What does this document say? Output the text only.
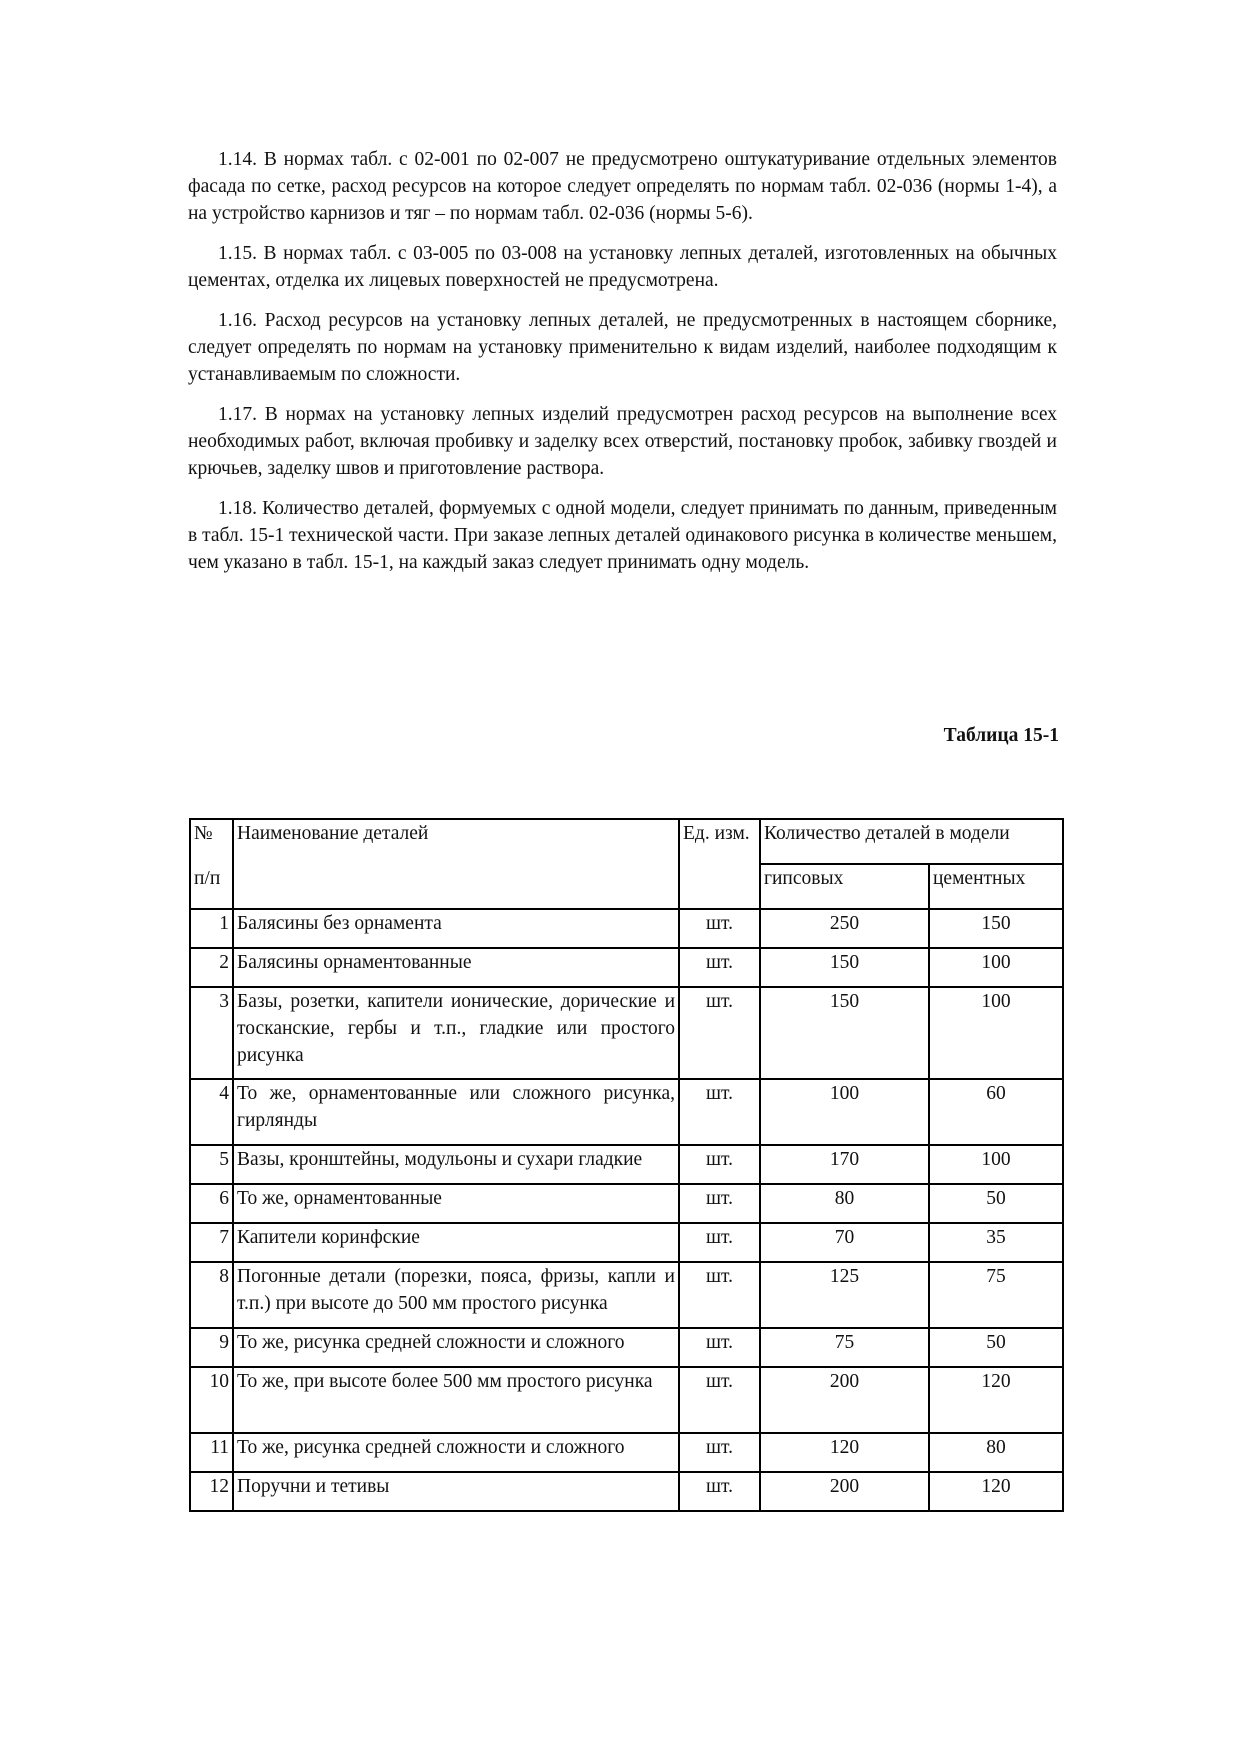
1.14. В нормах табл. с 02-001 по 02-007 не предусмотрено оштукатуривание отдельных элементов фасада по сетке, расход ресурсов на которое следует определять по нормам табл. 02-036 (нормы 1-4), а на устройство карнизов и тяг – по нормам табл. 02-036 (нормы 5-6).

1.15. В нормах табл. с 03-005 по 03-008 на установку лепных деталей, изготовленных на обычных цементах, отделка их лицевых поверхностей не предусмотрена.

1.16. Расход ресурсов на установку лепных деталей, не предусмотренных в настоящем сборнике, следует определять по нормам на установку применительно к видам изделий, наиболее подходящим к устанавливаемым по сложности.

1.17. В нормах на установку лепных изделий предусмотрен расход ресурсов на выполнение всех необходимых работ, включая пробивку и заделку всех отверстий, постановку пробок, забивку гвоздей и крючьев, заделку швов и приготовление раствора.

1.18. Количество деталей, формуемых с одной модели, следует принимать по данным, приведенным в табл. 15-1 технической части. При заказе лепных деталей одинакового рисунка в количестве меньшем, чем указано в табл. 15-1, на каждый заказ следует принимать одну модель.

Таблица 15-1

№
п/п	Наименование деталей	Ед. изм.	Количество деталей в модели	
			гипсовых	цементных
1	Балясины без орнамента	шт.	250	150
2	Балясины орнаментованные	шт.	150	100
3	Базы, розетки, капители ионические, дорические и тосканские, гербы и т.п., гладкие или простого рисунка	шт.	150	100
4	То же, орнаментованные или сложного рисунка, гирлянды	шт.	100	60
5	Вазы, кронштейны, модульоны и сухари гладкие	шт.	170	100
6	То же, орнаментованные	шт.	80	50
7	Капители коринфские	шт.	70	35
8	Погонные детали (порезки, пояса, фризы, капли и т.п.) при высоте до 500 мм простого рисунка	шт.	125	75
9	То же, рисунка средней сложности и сложного	шт.	75	50
10	То же, при высоте более 500 мм простого рисунка	шт.	200	120
11	То же, рисунка средней сложности и сложного	шт.	120	80
12	Поручни и тетивы	шт.	200	120
